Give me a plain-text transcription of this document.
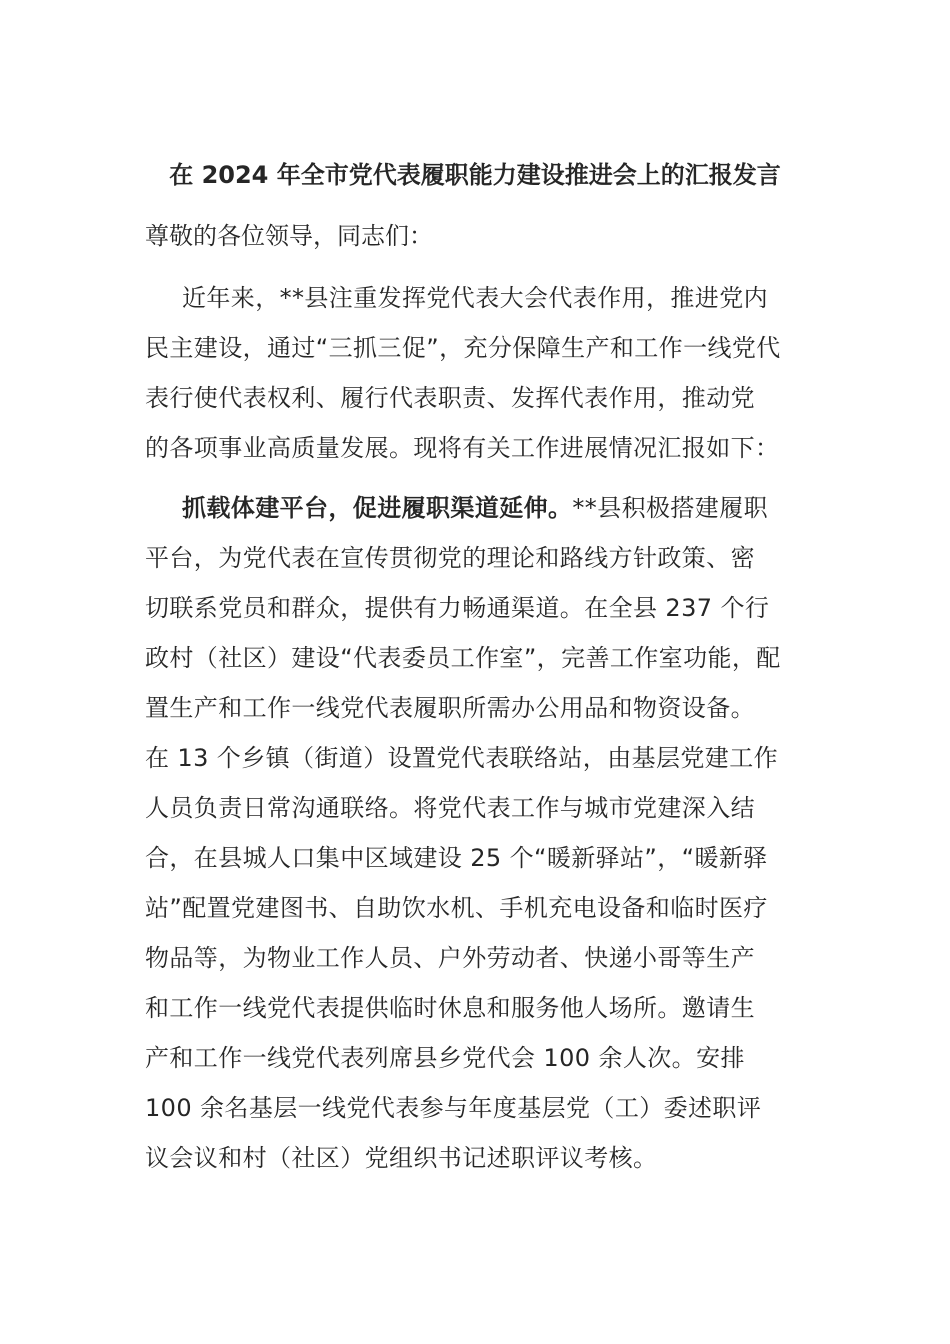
在 2024 年全市党代表履职能力建设推进会上的汇报发言
尊敬的各位领导，同志们：
近年来，**县注重发挥党代表大会代表作用，推进党内
民主建设，通过“三抓三促”，充分保障生产和工作一线党代
表行使代表权利、履行代表职责、发挥代表作用，推动党
的各项事业高质量发展。现将有关工作进展情况汇报如下：
抓载体建平台，促进履职渠道延伸。**县积极搭建履职
平台，为党代表在宣传贯彻党的理论和路线方针政策、密
切联系党员和群众，提供有力畅通渠道。在全县 237 个行
政村（社区）建设“代表委员工作室”，完善工作室功能，配
置生产和工作一线党代表履职所需办公用品和物资设备。
在 13 个乡镇（街道）设置党代表联络站，由基层党建工作
人员负责日常沟通联络。将党代表工作与城市党建深入结
合，在县城人口集中区域建设 25 个“暖新驿站”，“暖新驿
站”配置党建图书、自助饮水机、手机充电设备和临时医疗
物品等，为物业工作人员、户外劳动者、快递小哥等生产
和工作一线党代表提供临时休息和服务他人场所。邀请生
产和工作一线党代表列席县乡党代会 100 余人次。安排
100 余名基层一线党代表参与年度基层党（工）委述职评
议会议和村（社区）党组织书记述职评议考核。
